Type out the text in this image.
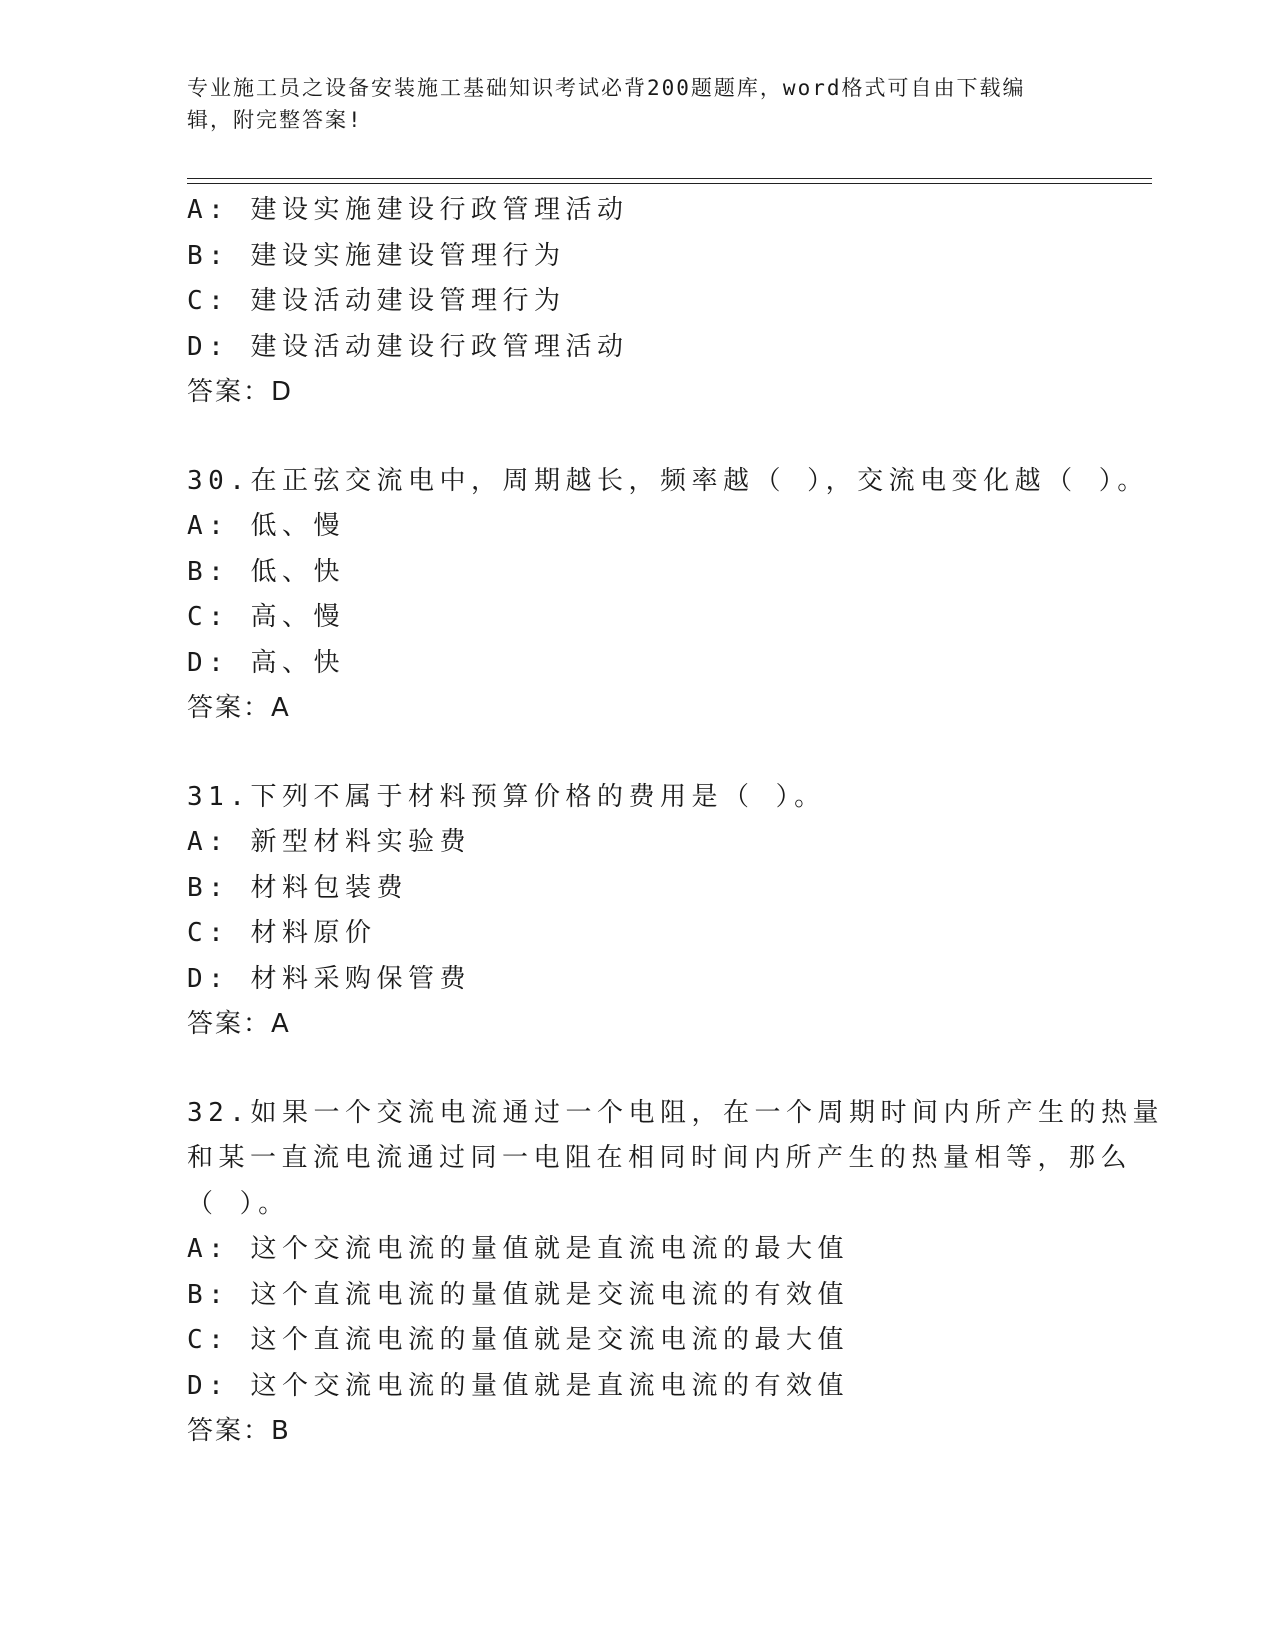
专业施工员之设备安装施工基础知识考试必背200题题库，word格式可自由下载编辑，附完整答案!
A: 建设实施建设行政管理活动
B: 建设实施建设管理行为
C: 建设活动建设管理行为
D: 建设活动建设行政管理活动
答案：D
30.在正弦交流电中，周期越长，频率越（ ），交流电变化越（ ）。
A: 低、慢
B: 低、快
C: 高、慢
D: 高、快
答案：A
31.下列不属于材料预算价格的费用是（ ）。
A: 新型材料实验费
B: 材料包装费
C: 材料原价
D: 材料采购保管费
答案：A
32.如果一个交流电流通过一个电阻，在一个周期时间内所产生的热量
和某一直流电流通过同一电阻在相同时间内所产生的热量相等，那么
（ ）。
A: 这个交流电流的量值就是直流电流的最大值
B: 这个直流电流的量值就是交流电流的有效值
C: 这个直流电流的量值就是交流电流的最大值
D: 这个交流电流的量值就是直流电流的有效值
答案：B
